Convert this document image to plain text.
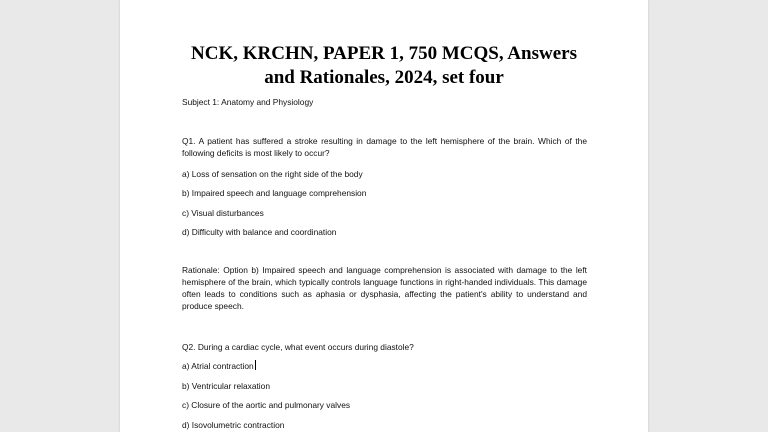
NCK, KRCHN, PAPER 1, 750 MCQS, Answers
and Rationales, 2024, set four

Subject 1: Anatomy and Physiology

Q1. A patient has suffered a stroke resulting in damage to the left hemisphere of the brain. Which of the following deficits is most likely to occur?

a) Loss of sensation on the right side of the body

b) Impaired speech and language comprehension

c) Visual disturbances

d) Difficulty with balance and coordination

Rationale: Option b) Impaired speech and language comprehension is associated with damage to the left hemisphere of the brain, which typically controls language functions in right-handed individuals. This damage often leads to conditions such as aphasia or dysphasia, affecting the patient's ability to understand and produce speech.

Q2. During a cardiac cycle, what event occurs during diastole?

a) Atrial contraction

b) Ventricular relaxation

c) Closure of the aortic and pulmonary valves

d) Isovolumetric contraction
